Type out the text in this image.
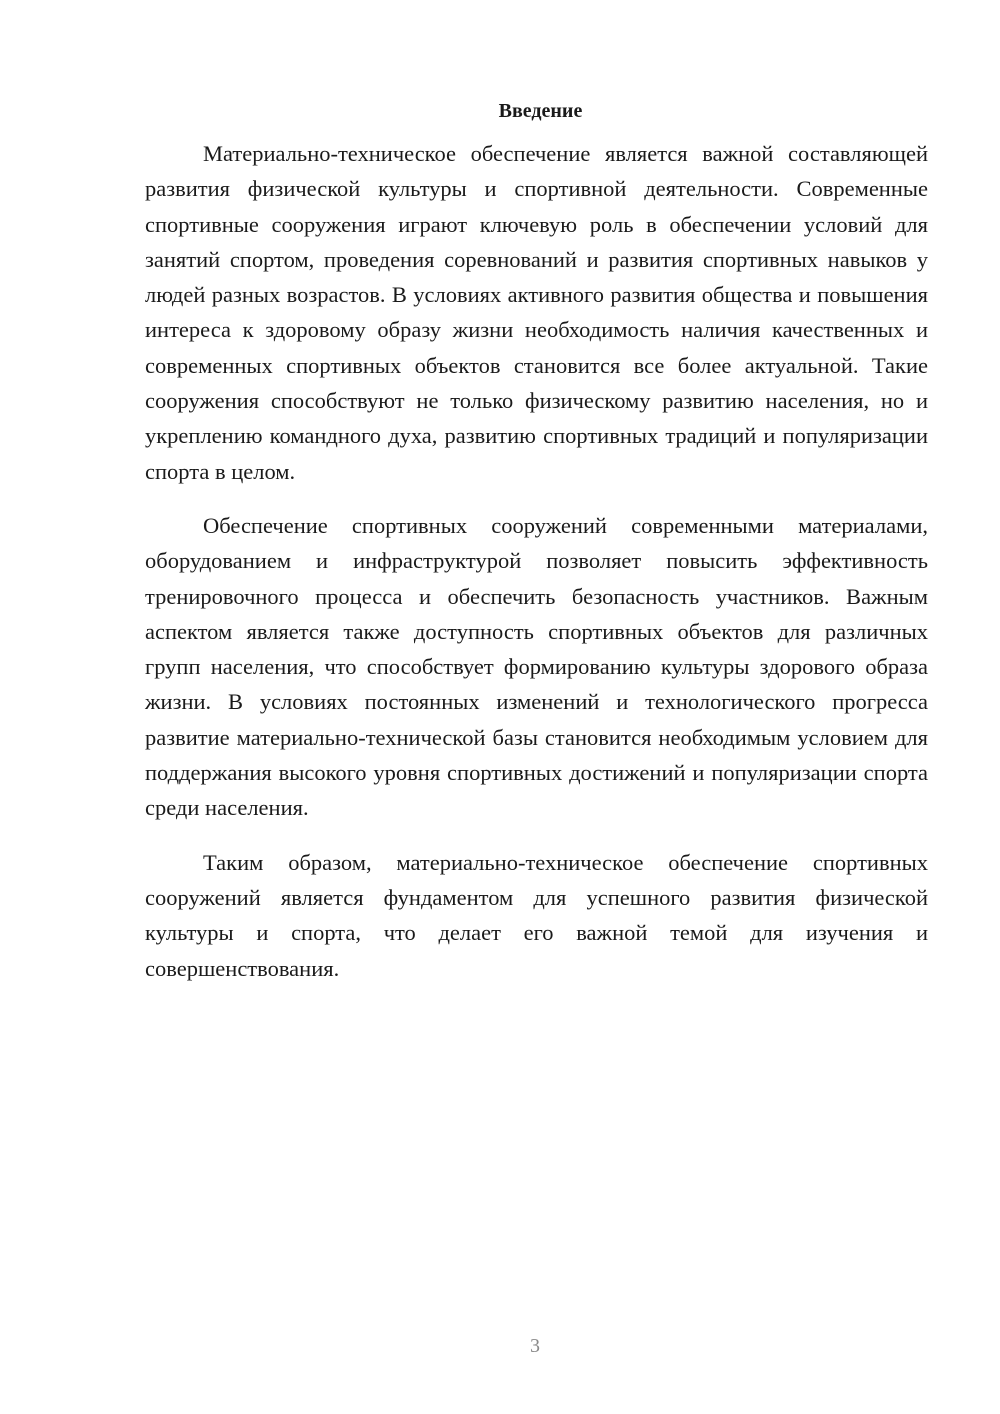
Введение

Материально-техническое обеспечение является важной составляющей развития физической культуры и спортивной деятельности. Современные спортивные сооружения играют ключевую роль в обеспечении условий для занятий спортом, проведения соревнований и развития спортивных навыков у людей разных возрастов. В условиях активного развития общества и повышения интереса к здоровому образу жизни необходимость наличия качественных и современных спортивных объектов становится все более актуальной. Такие сооружения способствуют не только физическому развитию населения, но и укреплению командного духа, развитию спортивных традиций и популяризации спорта в целом.

Обеспечение спортивных сооружений современными материалами, оборудованием и инфраструктурой позволяет повысить эффективность тренировочного процесса и обеспечить безопасность участников. Важным аспектом является также доступность спортивных объектов для различных групп населения, что способствует формированию культуры здорового образа жизни. В условиях постоянных изменений и технологического прогресса развитие материально-технической базы становится необходимым условием для поддержания высокого уровня спортивных достижений и популяризации спорта среди населения.

Таким образом, материально-техническое обеспечение спортивных сооружений является фундаментом для успешного развития физической культуры и спорта, что делает его важной темой для изучения и совершенствования.

3
